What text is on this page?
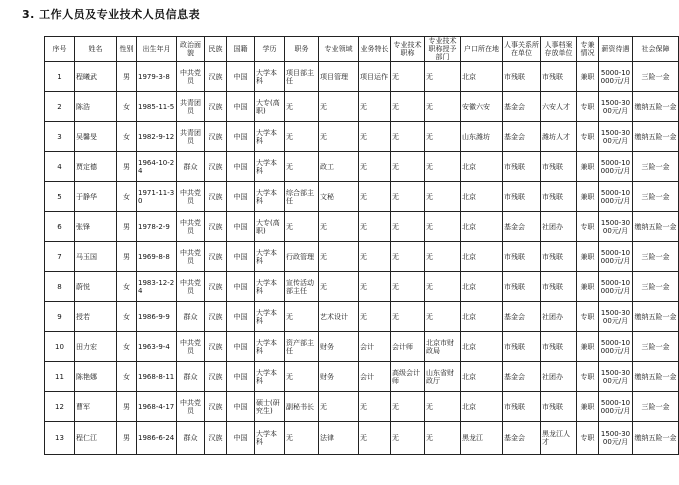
3. 工作人员及专业技术人员信息表
序号	姓名	性别	出生年月	政治面貌	民族	国籍	学历	职务	专业领域	业务特长	专业技术职称	专业技术职称授予部门	户口所在地	人事关系所在单位	人事档案存放单位	专兼情况	薪资待遇	社会保障
1	程曦武	男	1979-3-8	中共党员	汉族	中国	大学本科	项目部主任	项目管理	项目运作	无	无	北京	市残联	市残联	兼职	5000-10000元/月	三险一金
2	陈浩	女	1985-11-5	共青团员	汉族	中国	大专(高职)	无	无	无	无	无	安徽六安	基金会	六安人才	专职	1500-3000元/月	缴纳五险一金
3	吴馨旻	女	1982-9-12	共青团员	汉族	中国	大学本科	无	无	无	无	无	山东潍坊	基金会	潍坊人才	专职	1500-3000元/月	缴纳五险一金
4	贾定德	男	1964-10-24	群众	汉族	中国	大学本科	无	政工	无	无	无	北京	市残联	市残联	兼职	5000-10000元/月	三险一金
5	于静华	女	1971-11-30	中共党员	汉族	中国	大学本科	综合部主任	文秘	无	无	无	北京	市残联	市残联	兼职	5000-10000元/月	三险一金
6	张锋	男	1978-2-9	中共党员	汉族	中国	大专(高职)	无	无	无	无	无	北京	基金会	社团办	专职	1500-3000元/月	缴纳五险一金
7	马玉国	男	1969-8-8	中共党员	汉族	中国	大学本科	行政管理	无	无	无	无	北京	市残联	市残联	兼职	5000-10000元/月	三险一金
8	蔚悦	女	1983-12-24	中共党员	汉族	中国	大学本科	宣传活动部主任	无	无	无	无	北京	市残联	市残联	兼职	5000-10000元/月	三险一金
9	授若	女	1986-9-9	群众	汉族	中国	大学本科	无	艺术设计	无	无	无	北京	基金会	社团办	专职	1500-3000元/月	缴纳五险一金
10	田力宏	女	1963-9-4	中共党员	汉族	中国	大学本科	资产部主任	财务	会计	会计师	北京市财政局	北京	市残联	市残联	兼职	5000-10000元/月	三险一金
11	陈艳娜	女	1968-8-11	群众	汉族	中国	大学本科	无	财务	会计	高级会计师	山东省财政厅	北京	基金会	社团办	专职	1500-3000元/月	缴纳五险一金
12	曹军	男	1968-4-17	中共党员	汉族	中国	硕士(研究生)	副秘书长	无	无	无	无	北京	市残联	市残联	兼职	5000-10000元/月	三险一金
13	程仁江	男	1986-6-24	群众	汉族	中国	大学本科	无	法律	无	无	无	黑龙江	基金会	黑龙江人才	专职	1500-3000元/月	缴纳五险一金
